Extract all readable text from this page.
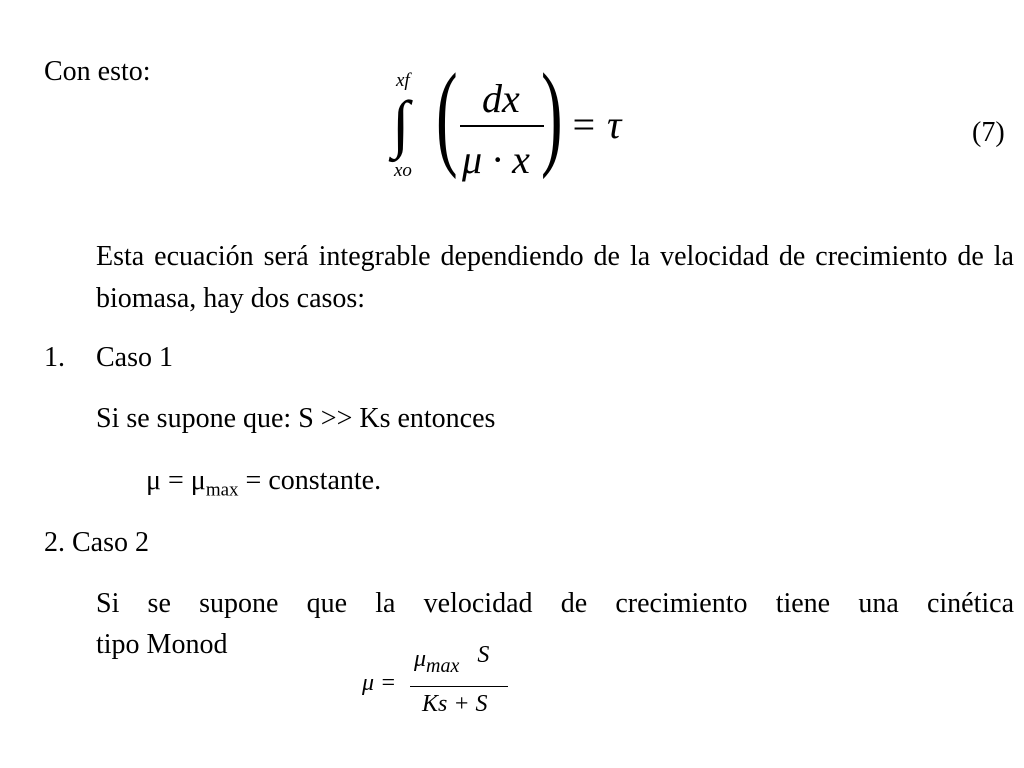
Con esto:	xf
∫
xo ( dx
μ · x ) = τ	(7)
Esta ecuación será integrable dependiendo de la velocidad de crecimiento de la biomasa, hay dos casos:
1. Caso 1
Si se supone que: S >> Ks entonces
$\mu = \mu_{max}$ = constante.
2. Caso 2
Si se supone que la velocidad de crecimiento tiene una cinética
tipo Monod
μ =
$\mu_{max}$ S
Ks + S
